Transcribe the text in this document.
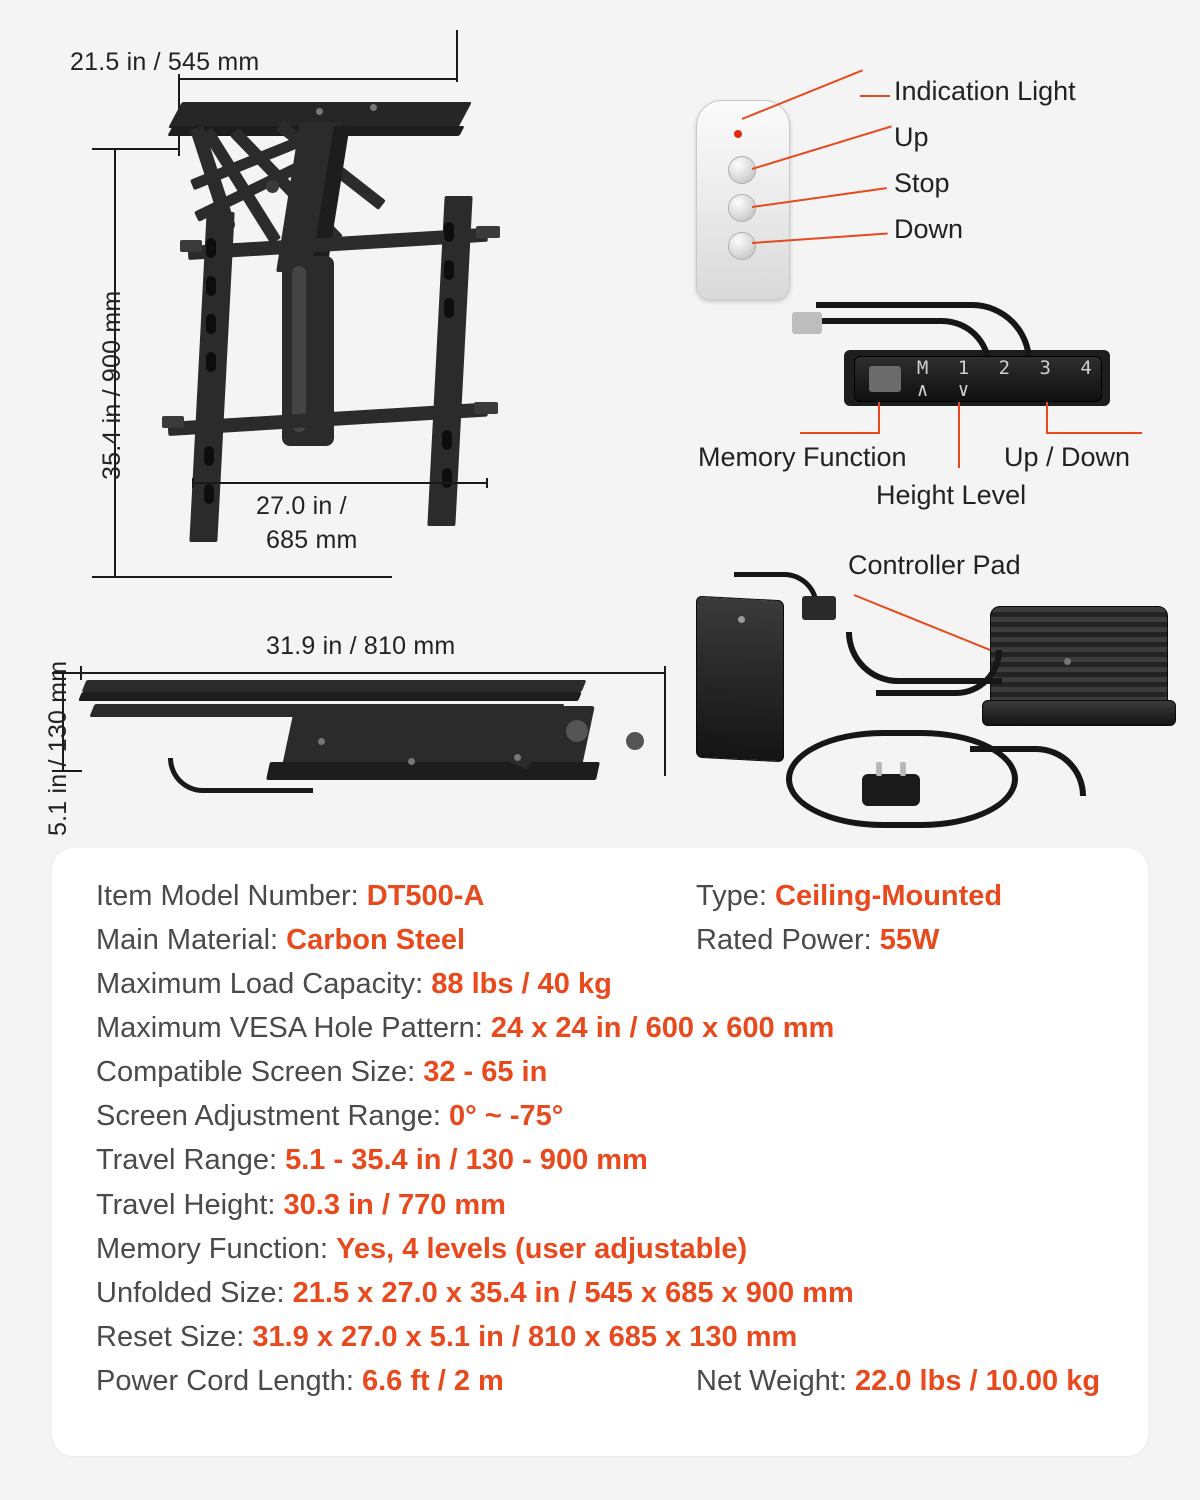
21.5 in / 545 mm
35.4 in / 900 mm
27.0 in /
685 mm
31.9 in / 810 mm
5.1 in / 130 mm
Indication Light
Up
Stop
Down
M 1 2 3 4 ∧ ∨
Memory Function	Up / Down
Height Level
Controller Pad
Item Model Number: DT500-A	Type: Ceiling-Mounted
Main Material: Carbon Steel	Rated Power: 55W
Maximum Load Capacity: 88 lbs / 40 kg
Maximum VESA Hole Pattern: 24 x 24 in / 600 x 600 mm
Compatible Screen Size: 32 - 65 in
Screen Adjustment Range: 0° ~ -75°
Travel Range: 5.1 - 35.4 in / 130 - 900 mm
Travel Height: 30.3 in / 770 mm
Memory Function: Yes, 4 levels (user adjustable)
Unfolded Size: 21.5 x 27.0 x 35.4 in / 545 x 685 x 900 mm
Reset Size: 31.9 x 27.0 x 5.1 in / 810 x 685 x 130 mm
Power Cord Length: 6.6 ft / 2 m	Net Weight: 22.0 lbs / 10.00 kg
